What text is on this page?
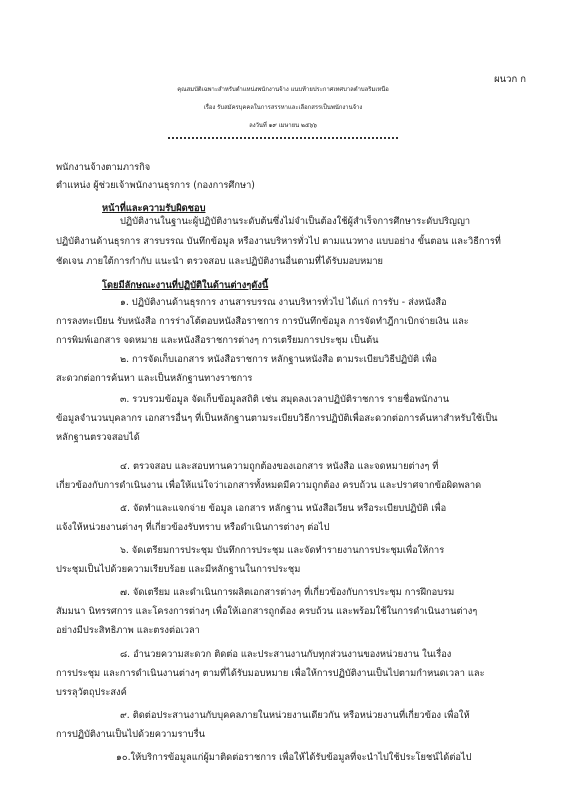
ผนวก ก
คุณสมบัติเฉพาะสำหรับตำแหน่งพนักงานจ้าง แนบท้ายประกาศเทศบาลตำบลริมเหนือ
เรื่อง รับสมัครบุคคลในการสรรหาและเลือกสรรเป็นพนักงานจ้าง
ลงวันที่ ๑๙ เมษายน ๒๕๖๖
พนักงานจ้างตามภารกิจ
ตำแหน่ง ผู้ช่วยเจ้าพนักงานธุรการ (กองการศึกษา)
หน้าที่และความรับผิดชอบ
ปฏิบัติงานในฐานะผู้ปฏิบัติงานระดับต้นซึ่งไม่จำเป็นต้องใช้ผู้สำเร็จการศึกษาระดับปริญญา
ปฏิบัติงานด้านธุรการ สารบรรณ บันทึกข้อมูล หรืองานบริหารทั่วไป ตามแนวทาง แบบอย่าง ขั้นตอน และวิธีการที่
ชัดเจน ภายใต้การกำกับ แนะนำ ตรวจสอบ และปฏิบัติงานอื่นตามที่ได้รับมอบหมาย
โดยมีลักษณะงานที่ปฏิบัติในด้านต่างๆดังนี้
๑. ปฏิบัติงานด้านธุรการ งานสารบรรณ งานบริหารทั่วไป ได้แก่ การรับ - ส่งหนังสือ
การลงทะเบียน รับหนังสือ การร่างโต้ตอบหนังสือราชการ การบันทึกข้อมูล การจัดทำฎีกาเบิกจ่ายเงิน และ
การพิมพ์เอกสาร จดหมาย และหนังสือราชการต่างๆ การเตรียมการประชุม เป็นต้น
๒. การจัดเก็บเอกสาร หนังสือราชการ หลักฐานหนังสือ ตามระเบียบวิธีปฏิบัติ เพื่อ
สะดวกต่อการค้นหา และเป็นหลักฐานทางราชการ
๓. รวบรวมข้อมูล จัดเก็บข้อมูลสถิติ เช่น สมุดลงเวลาปฏิบัติราชการ รายชื่อพนักงาน
ข้อมูลจำนวนบุคลากร เอกสารอื่นๆ ที่เป็นหลักฐานตามระเบียบวิธีการปฏิบัติเพื่อสะดวกต่อการค้นหาสำหรับใช้เป็น
หลักฐานตรวจสอบได้
๔. ตรวจสอบ และสอบทานความถูกต้องของเอกสาร หนังสือ และจดหมายต่างๆ ที่
เกี่ยวข้องกับการดำเนินงาน เพื่อให้แน่ใจว่าเอกสารทั้งหมดมีความถูกต้อง ครบถ้วน และปราศจากข้อผิดพลาด
๕. จัดทำและแจกจ่าย ข้อมูล เอกสาร หลักฐาน หนังสือเวียน หรือระเบียบปฏิบัติ เพื่อ
แจ้งให้หน่วยงานต่างๆ ที่เกี่ยวข้องรับทราบ หรือดำเนินการต่างๆ ต่อไป
๖. จัดเตรียมการประชุม บันทึกการประชุม และจัดทำรายงานการประชุมเพื่อให้การ
ประชุมเป็นไปด้วยความเรียบร้อย และมีหลักฐานในการประชุม
๗. จัดเตรียม และดำเนินการผลิตเอกสารต่างๆ ที่เกี่ยวข้องกับการประชุม การฝึกอบรม
สัมมนา นิทรรศการ และโครงการต่างๆ เพื่อให้เอกสารถูกต้อง ครบถ้วน และพร้อมใช้ในการดำเนินงานต่างๆ
อย่างมีประสิทธิภาพ และตรงต่อเวลา
๘. อำนวยความสะดวก ติดต่อ และประสานงานกับทุกส่วนงานของหน่วยงาน ในเรื่อง
การประชุม และการดำเนินงานต่างๆ ตามที่ได้รับมอบหมาย เพื่อให้การปฏิบัติงานเป็นไปตามกำหนดเวลา และ
บรรลุวัตถุประสงค์
๙. ติดต่อประสานงานกับบุคคลภายในหน่วยงานเดียวกัน หรือหน่วยงานที่เกี่ยวข้อง เพื่อให้
การปฏิบัติงานเป็นไปด้วยความราบรื่น
๑๐.ให้บริการข้อมูลแก่ผู้มาติดต่อราชการ เพื่อให้ได้รับข้อมูลที่จะนำไปใช้ประโยชน์ได้ต่อไป
